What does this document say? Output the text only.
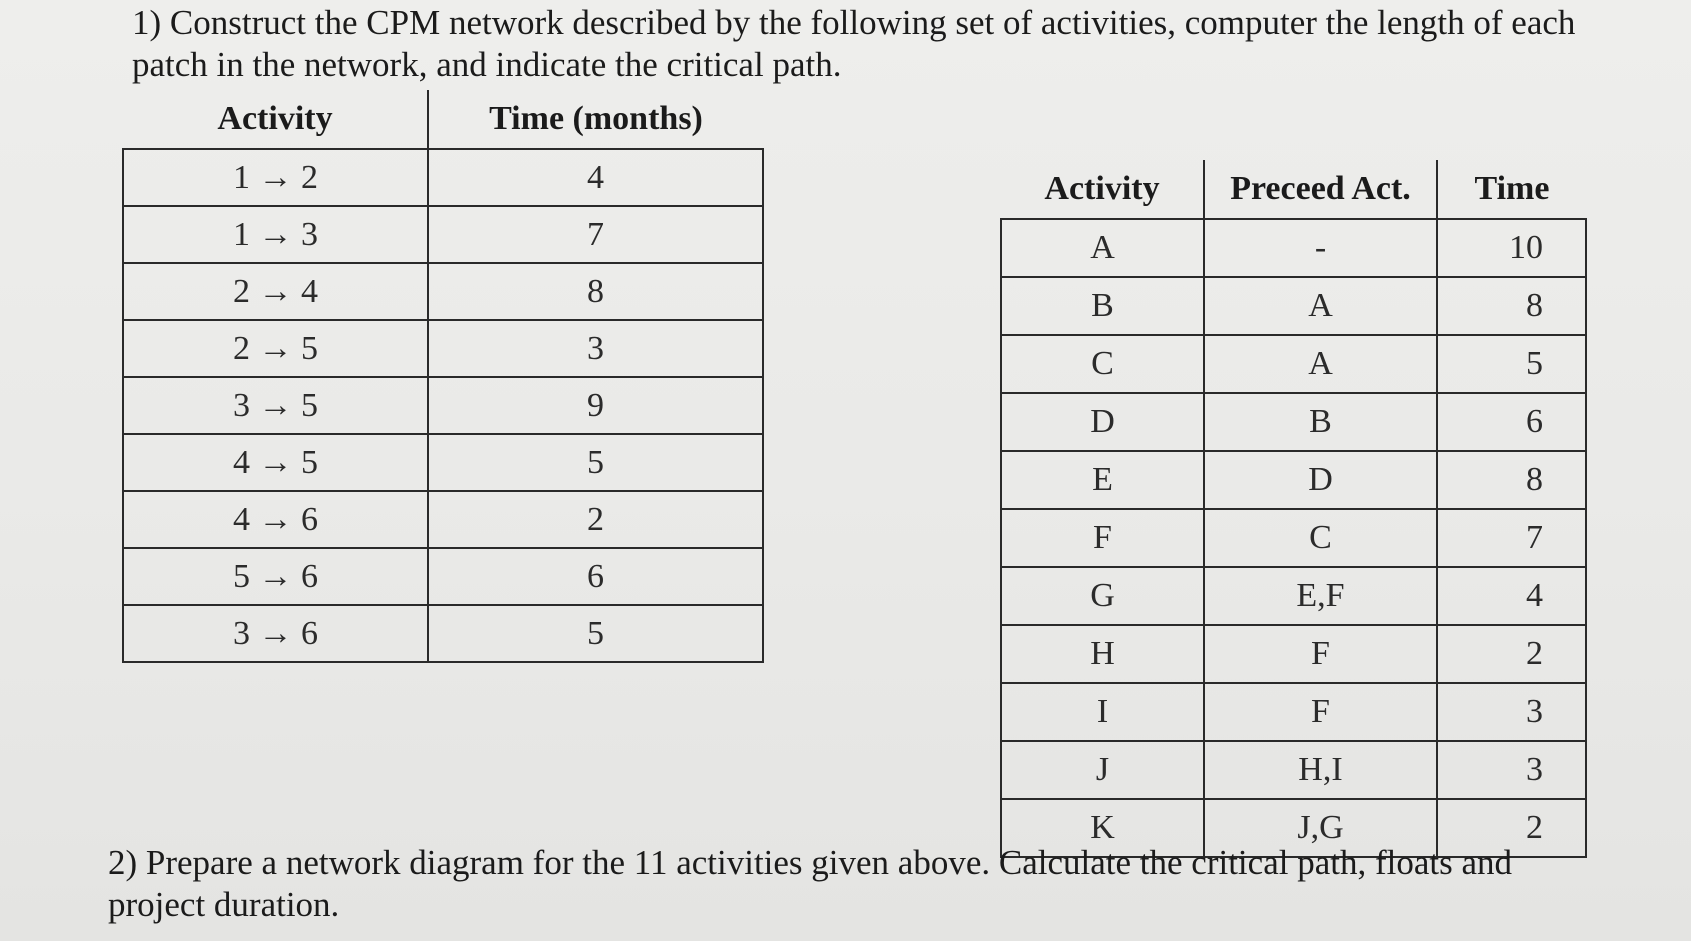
1) Construct the CPM network described by the following set of activities, computer the length of each patch in the network, and indicate the critical path.

Activity	Time (months)
1 → 2	4
1 → 3	7
2 → 4	8
2 → 5	3
3 → 5	9
4 → 5	5
4 → 6	2
5 → 6	6
3 → 6	5
Activity	Preceed Act.	Time
A	-	10
B	A	8
C	A	5
D	B	6
E	D	8
F	C	7
G	E,F	4
H	F	2
I	F	3
J	H,I	3
K	J,G	2

2) Prepare a network diagram for the 11 activities given above. Calculate the critical path, floats and project duration.
